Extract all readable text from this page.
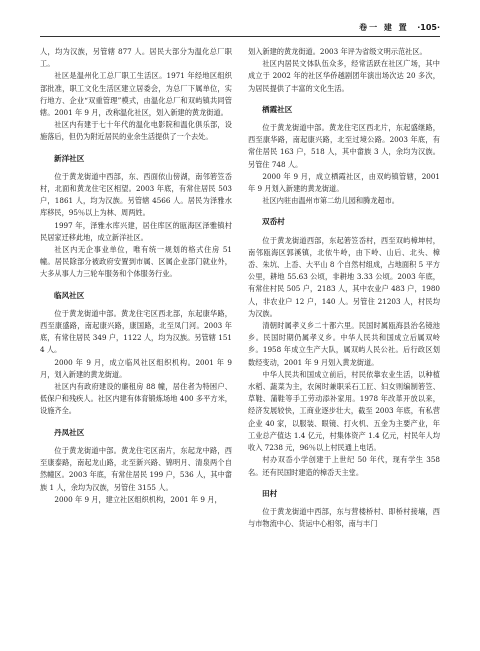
卷一 建 置 ·105·

人，均为汉族，另管辖 877 人。居民大部分为温化总厂职工。

社区是温州化工总厂职工生活区。1971 年经地区组织部批准，职工文化生活区建立居委会，为总厂下属单位，实行地方、企业“双重管理”模式，由温化总厂和双屿镇共同管辖。2001 年 9 月，改称温化社区，划入新建的黄龙街道。

社区内有建于七十年代的温化电影院和温化俱乐部，设施落后，但仍为附近居民的业余生活提供了一个去处。

新洋社区

位于黄龙街道中西部，东、西面依山傍湖，南邻箬笠岙村，北面和黄龙住宅区相望。2003 年底，有常住居民 503 户，1861 人，均为汉族。另管辖 4566 人。居民为泽雅水库移民，95％以上为林、周两姓。

1997 年，泽雅水库兴建，居住库区的瓯海区泽雅镇村民居家迁移此地，成立新洋社区。

社区内无企事业单位，唯有统一规划的格式住房 51 幢。居民除部分被政府安置到市属、区属企业部门就业外，大多从事人力三轮车服务和个体服务行业。

临风社区

位于黄龙街道中部。黄龙住宅区西北部，东起康华路，西至康盛路，南起康兴路，康国路，北至凤门河。2003 年底，有常住居民 349 户，1122 人，均为汉族。另管辖 1514 人。

2000 年 9 月，成立临风社区组织机构。2001 年 9 月，划入新建的黄龙街道。

社区内有政府建设的廉租房 88 幢，居住者为特困户、低保户和残疾人。社区内建有体育锻炼场地 400 多平方米，设施齐全。

丹凤社区

位于黄龙街道中部。黄龙住宅区南片，东起龙中路，西至康泰路，南起龙山路，北至新兴路、锦明月、清泉两个自然幢区。2003 年底，有常住居民 199 户，536 人，其中畲族 1 人，余均为汉族，另管住 3155 人。

2000 年 9 月，建立社区组织机构，2001 年 9 月，

划入新建的黄龙街道。2003 年评为省级文明示范社区。

社区内居民文体队伍众多，经常活跃在社区广场，其中成立于 2002 年的社区华侨越剧团年演出场次达 20 多次，为居民提供了丰富的文化生活。

栖霞社区

位于黄龙街道中部。黄龙住宅区西北片，东起盛继路，西至康华路，南起康兴路，北至过境公路。2003 年底，有常住居民 163 户，518 人，其中畲族 3 人，余均为汉族。另管住 748 人。

2000 年 9 月，成立栖霞社区，由双屿镇管辖，2001 年 9 月划入新建的黄龙街道。

社区内驻由温州市第二幼儿园和腾龙超市。

双岙村

位于黄龙街道西部，东起箬笠岙村，西至双屿樟坤村，南邻瓯海区郭溪镇，北依牛岭，由下岭、山后、北头、樟岙、朱坑、上岙、大平山 8 个自然村组成，占地面积 5 平方公里，耕地 55.63 公顷，非耕地 3.33 公顷。2003 年底，有常住村民 505 户，2183 人，其中农业户 483 户，1980 人，非农业户 12 户，140 人。另管住 21203 人，村民均为汉族。

清朝时属孝义乡二十都六里。民国时属瓯海县治名镜池乡。民国时期仍属孝义乡。中华人民共和国成立后属双岭乡。1958 年成立生产大队，属双屿人民公社。后行政区划数经变动，2001 年 9 月划入黄龙街道。

中华人民共和国成立前后，村民依靠农业生活，以种植水稻、蔬菜为主，农闲时兼职采石工匠、妇女则编制箬笠、草鞋、蒲鞋等手工劳动添补家用。1978 年改革开放以来，经济发展较快，工商业逐步壮大，截至 2003 年底，有私营企业 40 家，以服装、眼镜、打火机、五金为主要产业，年工业总产值达 1.4 亿元，村集体资产 1.4 亿元，村民年人均收入 7238 元，96％以上村民通上电话。

村办双岙小学创建于上世纪 50 年代，现有学生 358 名。还有民国时建造的樟岙天主堂。

田村

位于黄龙街道中西部，东与营楼桥村、即桥村接壤，西与市物流中心、货运中心相邻，南与丰门
